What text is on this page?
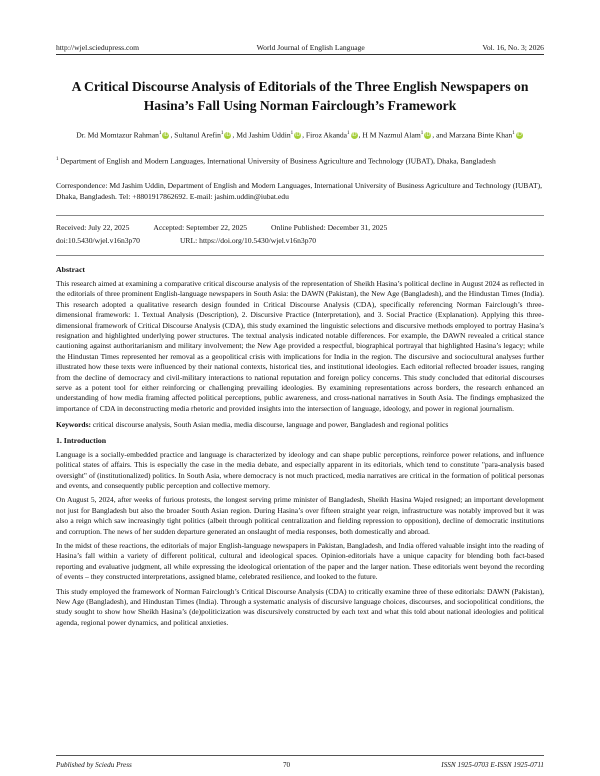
http://wjel.sciedupress.com	World Journal of English Language	Vol. 16, No. 3; 2026
A Critical Discourse Analysis of Editorials of the Three English Newspapers on Hasina’s Fall Using Norman Fairclough’s Framework
Dr. Md Momtazur Rahman$^1$ iD , Sultanul Arefin$^1$ iD , Md Jashim Uddin$^1$ iD , Firoz Akanda$^1$ iD , H M Nazmul Alam$^1$ iD , and Marzana Binte Khan$^1$ iD
$^1$ Department of English and Modern Languages, International University of Business Agriculture and Technology (IUBAT), Dhaka, Bangladesh
Correspondence: Md Jashim Uddin, Department of English and Modern Languages, International University of Business Agriculture and Technology (IUBAT), Dhaka, Bangladesh. Tel: +8801917862692. E-mail: jashim.uddin@iubat.edu
Received: July 22, 2025	Accepted: September 22, 2025	Online Published: December 31, 2025
doi:10.5430/wjel.v16n3p70	URL: https://doi.org/10.5430/wjel.v16n3p70
Abstract

This research aimed at examining a comparative critical discourse analysis of the representation of Sheikh Hasina’s political decline in August 2024 as reflected in the editorials of three prominent English-language newspapers in South Asia: the DAWN (Pakistan), the New Age (Bangladesh), and the Hindustan Times (India). This research adopted a qualitative research design founded in Critical Discourse Analysis (CDA), specifically referencing Norman Fairclough’s three-dimensional framework: 1. Textual Analysis (Description), 2. Discursive Practice (Interpretation), and 3. Social Practice (Explanation). Applying this three-dimensional framework of Critical Discourse Analysis (CDA), this study examined the linguistic selections and discursive methods employed to portray Hasina’s resignation and highlighted underlying power structures. The textual analysis indicated notable differences. For example, the DAWN revealed a critical stance cautioning against authoritarianism and military involvement; the New Age provided a respectful, biographical portrayal that highlighted Hasina’s legacy; while the Hindustan Times represented her removal as a geopolitical crisis with implications for India in the region. The discursive and sociocultural analyses further illustrated how these texts were influenced by their national contexts, historical ties, and institutional ideologies. Each editorial reflected broader issues, ranging from the decline of democracy and civil-military interactions to national reputation and foreign policy concerns. This study concluded that editorial discourses serve as a potent tool for either reinforcing or challenging prevailing ideologies. By examining representations across borders, the research enhanced an understanding of how media framing affected political perceptions, public awareness, and cross-national narratives in South Asia. The findings emphasized the importance of CDA in deconstructing media rhetoric and provided insights into the intersection of language, ideology, and power in regional journalism.

Keywords: critical discourse analysis, South Asian media, media discourse, language and power, Bangladesh and regional politics

1. Introduction

Language is a socially-embedded practice and language is characterized by ideology and can shape public perceptions, reinforce power relations, and influence political states of affairs. This is especially the case in the media debate, and especially apparent in its editorials, which tend to constitute "para-analysis based oversight" of (institutionalized) politics. In South Asia, where democracy is not much practiced, media narratives are critical in the formation of political personas and events, and consequently public perception and collective memory.

On August 5, 2024, after weeks of furious protests, the longest serving prime minister of Bangladesh, Sheikh Hasina Wajed resigned; an important development not just for Bangladesh but also the broader South Asian region. During Hasina’s over fifteen straight year reign, infrastructure was notably improved but it was also a reign which saw increasingly tight politics (albeit through political centralization and fielding repression to opposition), decline of democratic institutions and corruption. The news of her sudden departure generated an onslaught of media responses, both domestically and abroad.

In the midst of these reactions, the editorials of major English-language newspapers in Pakistan, Bangladesh, and India offered valuable insight into the reading of Hasina’s fall within a variety of different political, cultural and ideological spaces. Opinion-editorials have a unique capacity for blending both fact-based reporting and evaluative judgment, all while expressing the ideological orientation of the paper and the larger nation. These editorials went beyond the recording of events – they constructed interpretations, assigned blame, celebrated resilience, and looked to the future.

This study employed the framework of Norman Fairclough’s Critical Discourse Analysis (CDA) to critically examine three of these editorials: DAWN (Pakistan), New Age (Bangladesh), and Hindustan Times (India). Through a systematic analysis of discursive language choices, discourses, and sociopolitical conditions, the study sought to show how Sheikh Hasina’s (de)politicization was discursively constructed by each text and what this told about national ideologies and political agenda, regional power dynamics, and political anxieties.

Published by Sciedu Press	70	ISSN 1925-0703 E-ISSN 1925-0711
